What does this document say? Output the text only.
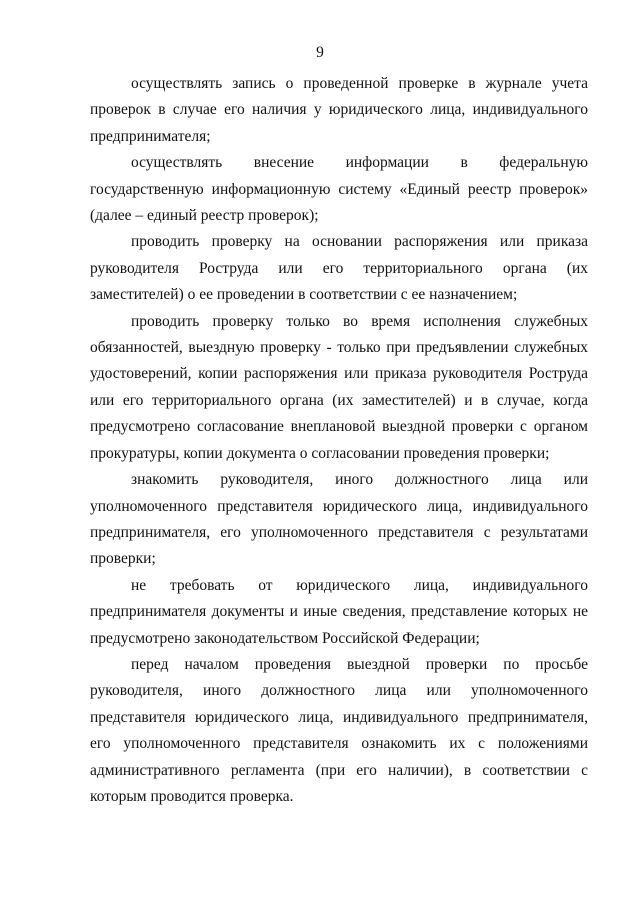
9

осуществлять запись о проведенной проверке в журнале учета проверок в случае его наличия у юридического лица, индивидуального предпринимателя;

осуществлять внесение информации в федеральную государственную информационную систему «Единый реестр проверок» (далее – единый реестр проверок);

проводить проверку на основании распоряжения или приказа руководителя Роструда или его территориального органа (их заместителей) о ее проведении в соответствии с ее назначением;

проводить проверку только во время исполнения служебных обязанностей, выездную проверку - только при предъявлении служебных удостоверений, копии распоряжения или приказа руководителя Роструда или его территориального органа (их заместителей) и в случае, когда предусмотрено согласование внеплановой выездной проверки с органом прокуратуры, копии документа о согласовании проведения проверки;

знакомить руководителя, иного должностного лица или уполномоченного представителя юридического лица, индивидуального предпринимателя, его уполномоченного представителя с результатами проверки;

не требовать от юридического лица, индивидуального предпринимателя документы и иные сведения, представление которых не предусмотрено законодательством Российской Федерации;

перед началом проведения выездной проверки по просьбе руководителя, иного должностного лица или уполномоченного представителя юридического лица, индивидуального предпринимателя, его уполномоченного представителя ознакомить их с положениями административного регламента (при его наличии), в соответствии с которым проводится проверка.
